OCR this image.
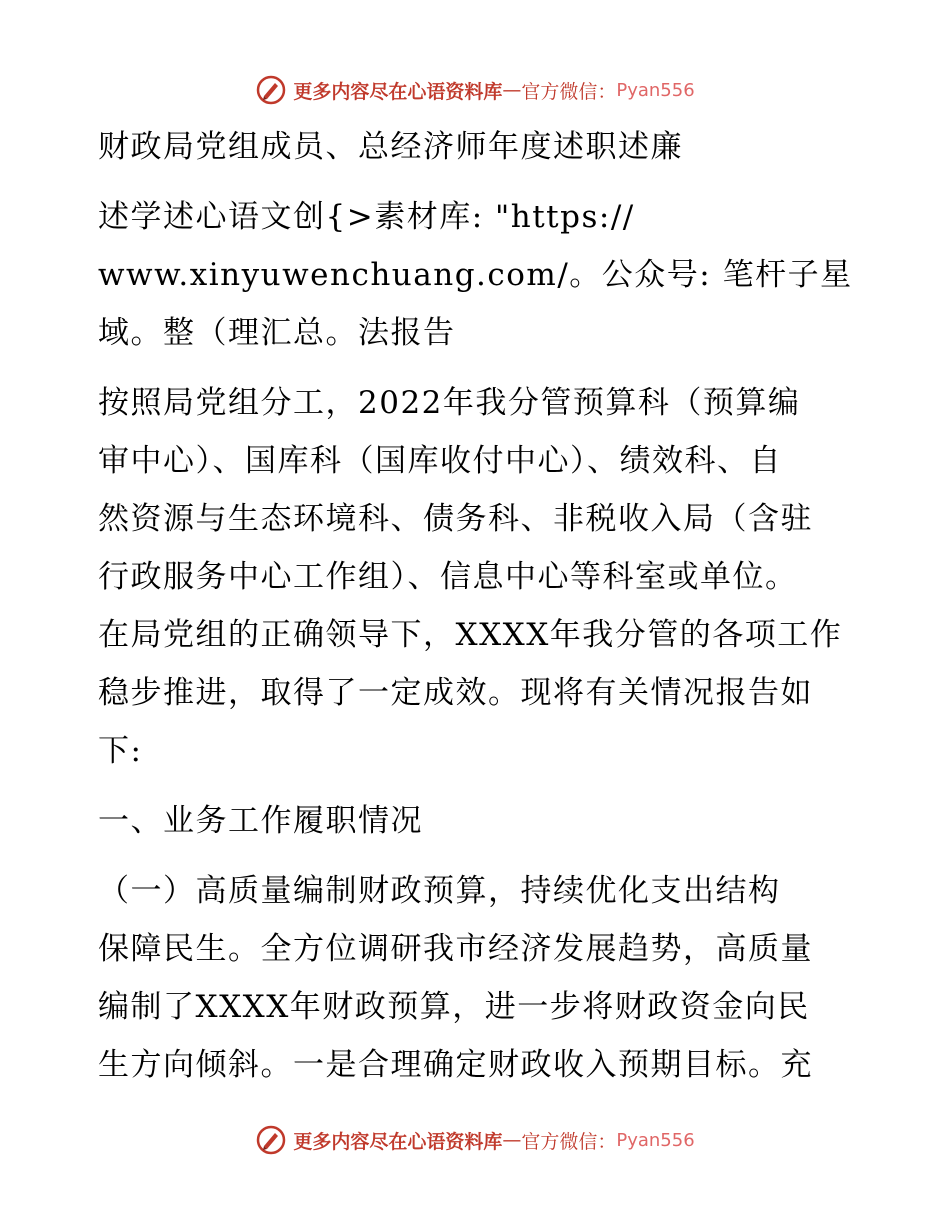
更多内容尽在心语资料库 — 官方微信： Pyan556
财政局党组成员、总经济师年度述职述廉
述学述心语文创{>素材库: "https://
www.xinyuwenchuang.com/。公众号: 笔杆子星
域。整（理汇总。法报告
按照局党组分工，2022年我分管预算科（预算编
审中心）、国库科（国库收付中心）、绩效科、自
然资源与生态环境科、债务科、非税收入局（含驻
行政服务中心工作组）、信息中心等科室或单位。
在局党组的正确领导下，XXXX年我分管的各项工作
稳步推进，取得了一定成效。现将有关情况报告如
下:
一、业务工作履职情况
（一）高质量编制财政预算，持续优化支出结构
保障民生。全方位调研我市经济发展趋势，高质量
编制了XXXX年财政预算，进一步将财政资金向民
生方向倾斜。一是合理确定财政收入预期目标。充
更多内容尽在心语资料库 — 官方微信： Pyan556
